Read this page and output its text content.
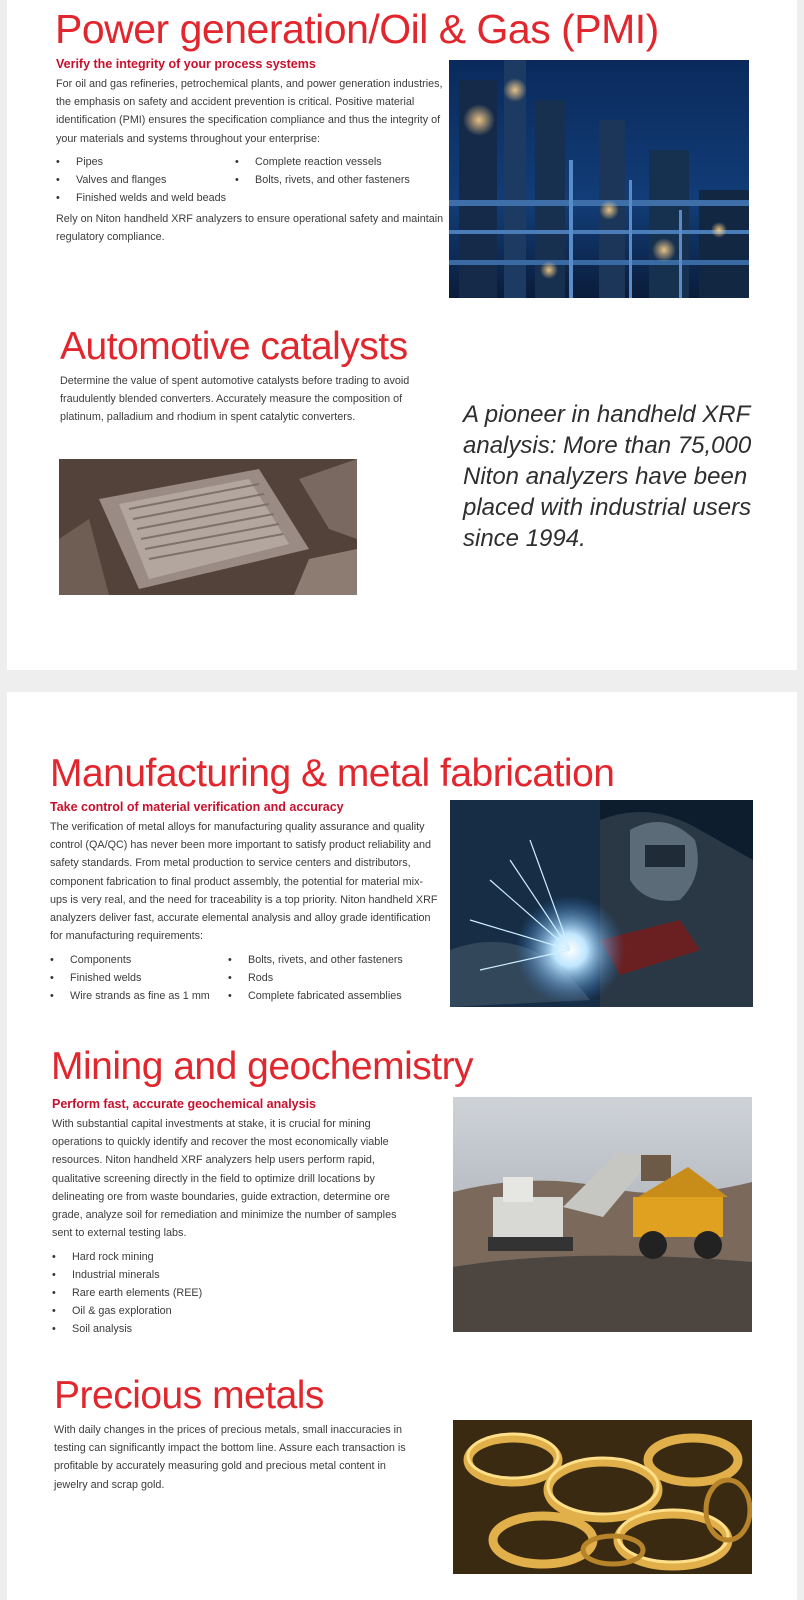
Power generation/Oil & Gas (PMI)

Verify the integrity of your process systems

For oil and gas refineries, petrochemical plants, and power generation industries, the emphasis on safety and accident prevention is critical. Positive material identification (PMI) ensures the specification compliance and thus the integrity of your materials and systems throughout your enterprise:

• Pipes
• Valves and flanges
• Finished welds and weld beads
• Complete reaction vessels
• Bolts, rivets, and other fasteners

Rely on Niton handheld XRF analyzers to ensure operational safety and maintain regulatory compliance.

Automotive catalysts

Determine the value of spent automotive catalysts before trading to avoid fraudulently blended converters. Accurately measure the composition of platinum, palladium and rhodium in spent catalytic converters.	A pioneer in handheld XRF analysis: More than 75,000 Niton analyzers have been placed with industrial users since 1994.

Manufacturing & metal fabrication

Take control of material verification and accuracy

The verification of metal alloys for manufacturing quality assurance and quality control (QA/QC) has never been more important to satisfy product reliability and safety standards. From metal production to service centers and distributors, component fabrication to final product assembly, the potential for material mix-ups is very real, and the need for traceability is a top priority. Niton handheld XRF analyzers deliver fast, accurate elemental analysis and alloy grade identification for manufacturing requirements:

• Components
• Finished welds
• Wire strands as fine as 1 mm
• Bolts, rivets, and other fasteners
• Rods
• Complete fabricated assemblies
Mining and geochemistry

Perform fast, accurate geochemical analysis

With substantial capital investments at stake, it is crucial for mining operations to quickly identify and recover the most economically viable resources. Niton handheld XRF analyzers help users perform rapid, qualitative screening directly in the field to optimize drill locations by delineating ore from waste boundaries, guide extraction, determine ore grade, analyze soil for remediation and minimize the number of samples sent to external testing labs.

• Hard rock mining
• Industrial minerals
• Rare earth elements (REE)
• Oil & gas exploration
• Soil analysis
Precious metals

With daily changes in the prices of precious metals, small inaccuracies in testing can significantly impact the bottom line. Assure each transaction is profitable by accurately measuring gold and precious metal content in jewelry and scrap gold.
